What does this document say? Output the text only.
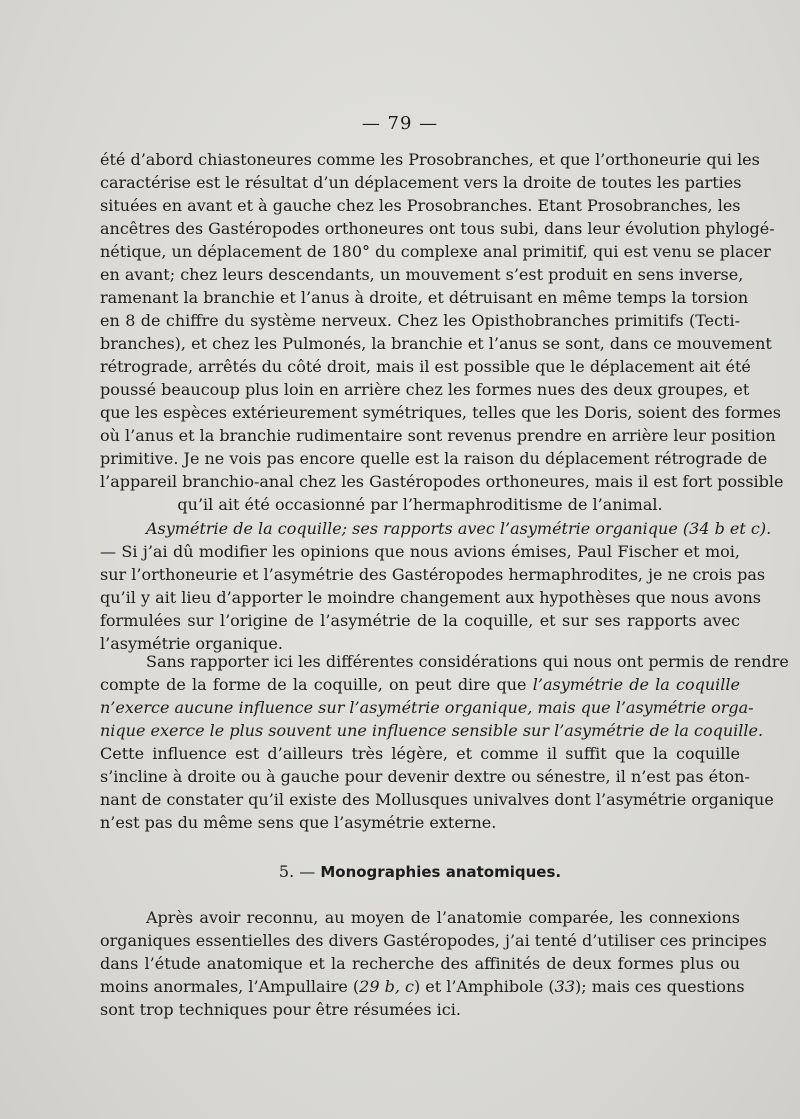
— 79 —
été d’abord chiastoneures comme les Prosobranches, et que l’orthoneurie qui les
caractérise est le résultat d’un déplacement vers la droite de toutes les parties
situées en avant et à gauche chez les Prosobranches. Etant Prosobranches, les
ancêtres des Gastéropodes orthoneures ont tous subi, dans leur évolution phylogé-
nétique, un déplacement de 180° du complexe anal primitif, qui est venu se placer
en avant; chez leurs descendants, un mouvement s’est produit en sens inverse,
ramenant la branchie et l’anus à droite, et détruisant en même temps la torsion
en 8 de chiffre du système nerveux. Chez les Opisthobranches primitifs (Tecti-
branches), et chez les Pulmonés, la branchie et l’anus se sont, dans ce mouvement
rétrograde, arrêtés du côté droit, mais il est possible que le déplacement ait été
poussé beaucoup plus loin en arrière chez les formes nues des deux groupes, et
que les espèces extérieurement symétriques, telles que les Doris, soient des formes
où l’anus et la branchie rudimentaire sont revenus prendre en arrière leur position
primitive. Je ne vois pas encore quelle est la raison du déplacement rétrograde de
l’appareil branchio-anal chez les Gastéropodes orthoneures, mais il est fort possible
qu’il ait été occasionné par l’hermaphroditisme de l’animal.
Asymétrie de la coquille; ses rapports avec l’asymétrie organique (34 b et c).
— Si j’ai dû modifier les opinions que nous avions émises, Paul Fischer et moi,
sur l’orthoneurie et l’asymétrie des Gastéropodes hermaphrodites, je ne crois pas
qu’il y ait lieu d’apporter le moindre changement aux hypothèses que nous avons
formulées sur l’origine de l’asymétrie de la coquille, et sur ses rapports avec
l’asymétrie organique.
Sans rapporter ici les différentes considérations qui nous ont permis de rendre
compte de la forme de la coquille, on peut dire que l’asymétrie de la coquille
n’exerce aucune influence sur l’asymétrie organique, mais que l’asymétrie orga-
nique exerce le plus souvent une influence sensible sur l’asymétrie de la coquille.
Cette influence est d’ailleurs très légère, et comme il suffit que la coquille
s’incline à droite ou à gauche pour devenir dextre ou sénestre, il n’est pas éton-
nant de constater qu’il existe des Mollusques univalves dont l’asymétrie organique
n’est pas du même sens que l’asymétrie externe.
5. — Monographies anatomiques.
Après avoir reconnu, au moyen de l’anatomie comparée, les connexions
organiques essentielles des divers Gastéropodes, j’ai tenté d’utiliser ces principes
dans l’étude anatomique et la recherche des affinités de deux formes plus ou
moins anormales, l’Ampullaire (29 b, c) et l’Amphibole (33); mais ces questions
sont trop techniques pour être résumées ici.
